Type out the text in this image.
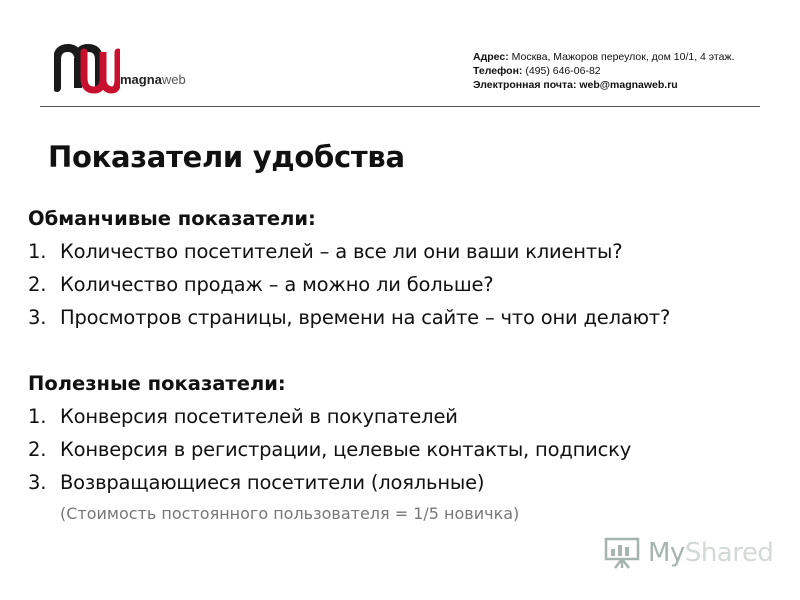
magnaweb
Адрес: Москва, Мажоров переулок, дом 10/1, 4 этаж.
Телефон: (495) 646-06-82
Электронная почта: web@magnaweb.ru
Показатели удобства

Обманчивые показатели:

1. Количество посетителей – а все ли они ваши клиенты?
2. Количество продаж – а можно ли больше?
3. Просмотров страницы, времени на сайте – что они делают?

Полезные показатели:

1. Конверсия посетителей в покупателей
2. Конверсия в регистрации, целевые контакты, подписку
3. Возвращающиеся посетители (лояльные)

(Стоимость постоянного пользователя = 1/5 новичка)

MyShared
